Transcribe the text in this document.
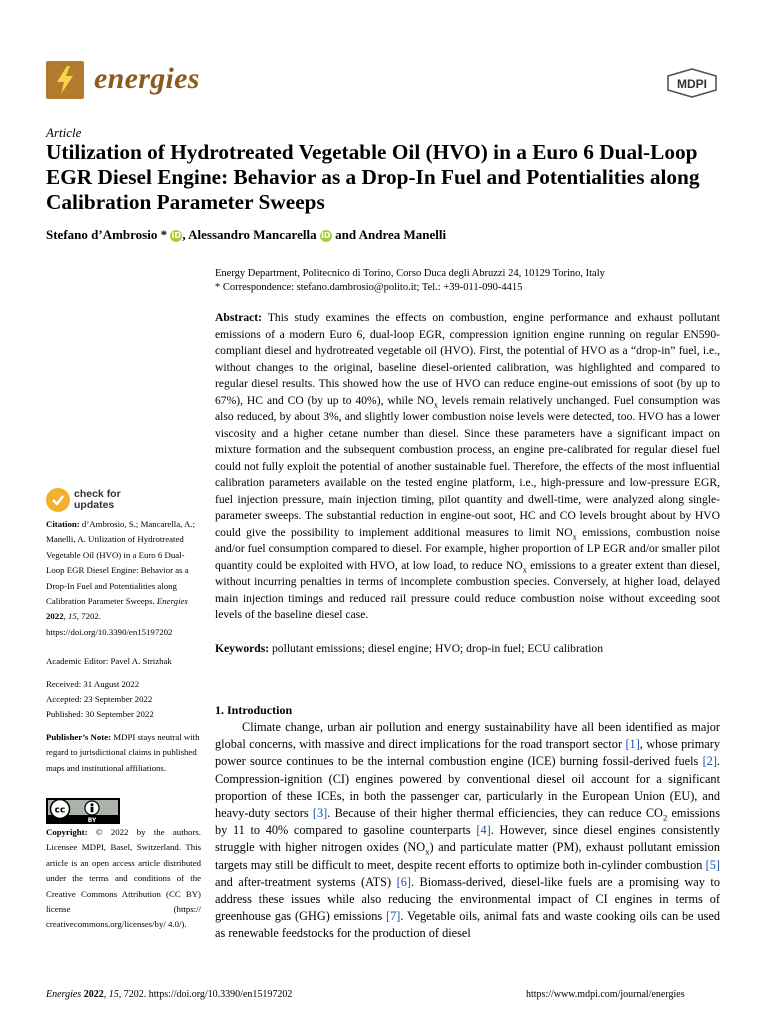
energies	MDPI
Article
Utilization of Hydrotreated Vegetable Oil (HVO) in a Euro 6 Dual-Loop EGR Diesel Engine: Behavior as a Drop-In Fuel and Potentialities along Calibration Parameter Sweeps
Stefano d’Ambrosio * iD, Alessandro Mancarella iD and Andrea Manelli
Energy Department, Politecnico di Torino, Corso Duca degli Abruzzi 24, 10129 Torino, Italy
* Correspondence: stefano.dambrosio@polito.it; Tel.: +39-011-090-4415

Abstract: This study examines the effects on combustion, engine performance and exhaust pollutant emissions of a modern Euro 6, dual-loop EGR, compression ignition engine running on regular EN590-compliant diesel and hydrotreated vegetable oil (HVO). First, the potential of HVO as a “drop-in” fuel, i.e., without changes to the original, baseline diesel-oriented calibration, was highlighted and compared to regular diesel results. This showed how the use of HVO can reduce engine-out emissions of soot (by up to 67%), HC and CO (by up to 40%), while $NO_x$ levels remain relatively unchanged. Fuel consumption was also reduced, by about 3%, and slightly lower combustion noise levels were detected, too. HVO has a lower viscosity and a higher cetane number than diesel. Since these parameters have a significant impact on mixture formation and the subsequent combustion process, an engine pre-calibrated for regular diesel fuel could not fully exploit the potential of another sustainable fuel. Therefore, the effects of the most influential calibration parameters available on the tested engine platform, i.e., high-pressure and low-pressure EGR, fuel injection pressure, main injection timing, pilot quantity and dwell-time, were analyzed along single-parameter sweeps. The substantial reduction in engine-out soot, HC and CO levels brought about by HVO could give the possibility to implement additional measures to limit $NO_x$ emissions, combustion noise and/or fuel consumption compared to diesel. For example, higher proportion of LP EGR and/or smaller pilot quantity could be exploited with HVO, at low load, to reduce $NO_x$ emissions to a greater extent than diesel, without incurring penalties in terms of incomplete combustion species. Conversely, at higher load, delayed main injection timings and reduced rail pressure could reduce combustion noise without exceeding soot levels of the baseline diesel case.

Keywords: pollutant emissions; diesel engine; HVO; drop-in fuel; ECU calibration

check for
updates
Citation: d’Ambrosio, S.; Mancarella, A.; Manelli, A. Utilization of Hydrotreated Vegetable Oil (HVO) in a Euro 6 Dual-Loop EGR Diesel Engine: Behavior as a Drop-In Fuel and Potentialities along Calibration Parameter Sweeps. Energies 2022, 15, 7202. https://doi.org/10.3390/en15197202
Academic Editor: Pavel A. Strizhak
Received: 31 August 2022
Accepted: 23 September 2022
Published: 30 September 2022
Publisher’s Note: MDPI stays neutral with regard to jurisdictional claims in published maps and institutional affiliations.
cc
BY
Copyright: © 2022 by the authors. Licensee MDPI, Basel, Switzerland. This article is an open access article distributed under the terms and conditions of the Creative Commons Attribution (CC BY) license (https:// creativecommons.org/licenses/by/ 4.0/).
1. Introduction

Climate change, urban air pollution and energy sustainability have all been identified as major global concerns, with massive and direct implications for the road transport sector [1], whose primary power source continues to be the internal combustion engine (ICE) burning fossil-derived fuels [2]. Compression-ignition (CI) engines powered by conventional diesel oil account for a significant proportion of these ICEs, in both the passenger car, particularly in the European Union (EU), and heavy-duty sectors [3]. Because of their higher thermal efficiencies, they can reduce $CO_2$ emissions by 11 to 40% compared to gasoline counterparts [4]. However, since diesel engines consistently struggle with higher nitrogen oxides $(NO_x)$ and particulate matter (PM), exhaust pollutant emission targets may still be difficult to meet, despite recent efforts to optimize both in-cylinder combustion [5] and after-treatment systems (ATS) [6]. Biomass-derived, diesel-like fuels are a promising way to address these issues while also reducing the environmental impact of CI engines in terms of greenhouse gas (GHG) emissions [7]. Vegetable oils, animal fats and waste cooking oils can be used as renewable feedstocks for the production of diesel

Energies 2022, 15, 7202. https://doi.org/10.3390/en15197202	https://www.mdpi.com/journal/energies
